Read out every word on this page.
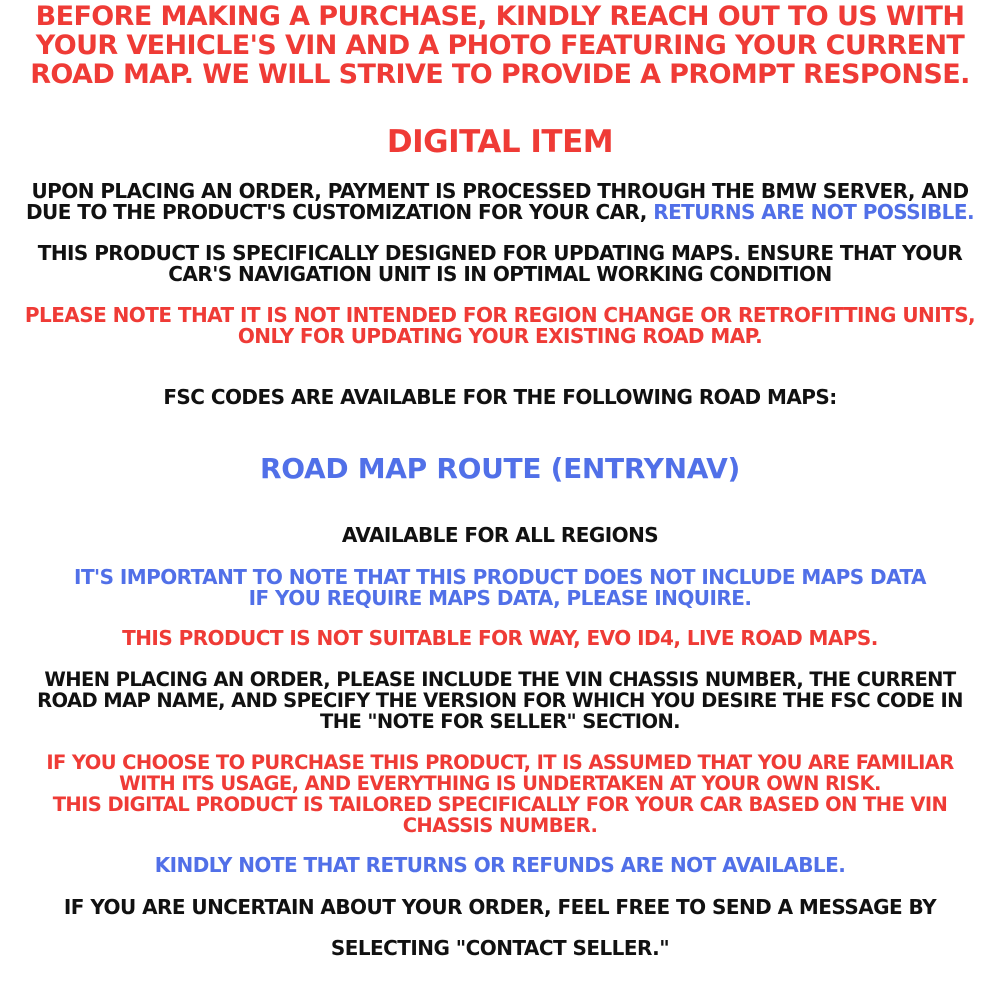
BEFORE MAKING A PURCHASE, KINDLY REACH OUT TO US WITH

YOUR VEHICLE'S VIN AND A PHOTO FEATURING YOUR CURRENT

ROAD MAP. WE WILL STRIVE TO PROVIDE A PROMPT RESPONSE.

DIGITAL ITEM

UPON PLACING AN ORDER, PAYMENT IS PROCESSED THROUGH THE BMW SERVER, AND

DUE TO THE PRODUCT'S CUSTOMIZATION FOR YOUR CAR, RETURNS ARE NOT POSSIBLE.

THIS PRODUCT IS SPECIFICALLY DESIGNED FOR UPDATING MAPS. ENSURE THAT YOUR

CAR'S NAVIGATION UNIT IS IN OPTIMAL WORKING CONDITION

PLEASE NOTE THAT IT IS NOT INTENDED FOR REGION CHANGE OR RETROFITTING UNITS,

ONLY FOR UPDATING YOUR EXISTING ROAD MAP.

FSC CODES ARE AVAILABLE FOR THE FOLLOWING ROAD MAPS:

ROAD MAP ROUTE (ENTRYNAV)

AVAILABLE FOR ALL REGIONS

IT'S IMPORTANT TO NOTE THAT THIS PRODUCT DOES NOT INCLUDE MAPS DATA

IF YOU REQUIRE MAPS DATA, PLEASE INQUIRE.

THIS PRODUCT IS NOT SUITABLE FOR WAY, EVO ID4, LIVE ROAD MAPS.

WHEN PLACING AN ORDER, PLEASE INCLUDE THE VIN CHASSIS NUMBER, THE CURRENT

ROAD MAP NAME, AND SPECIFY THE VERSION FOR WHICH YOU DESIRE THE FSC CODE IN

THE "NOTE FOR SELLER" SECTION.

IF YOU CHOOSE TO PURCHASE THIS PRODUCT, IT IS ASSUMED THAT YOU ARE FAMILIAR

WITH ITS USAGE, AND EVERYTHING IS UNDERTAKEN AT YOUR OWN RISK.

THIS DIGITAL PRODUCT IS TAILORED SPECIFICALLY FOR YOUR CAR BASED ON THE VIN

CHASSIS NUMBER.

KINDLY NOTE THAT RETURNS OR REFUNDS ARE NOT AVAILABLE.

IF YOU ARE UNCERTAIN ABOUT YOUR ORDER, FEEL FREE TO SEND A MESSAGE BY

SELECTING "CONTACT SELLER."
